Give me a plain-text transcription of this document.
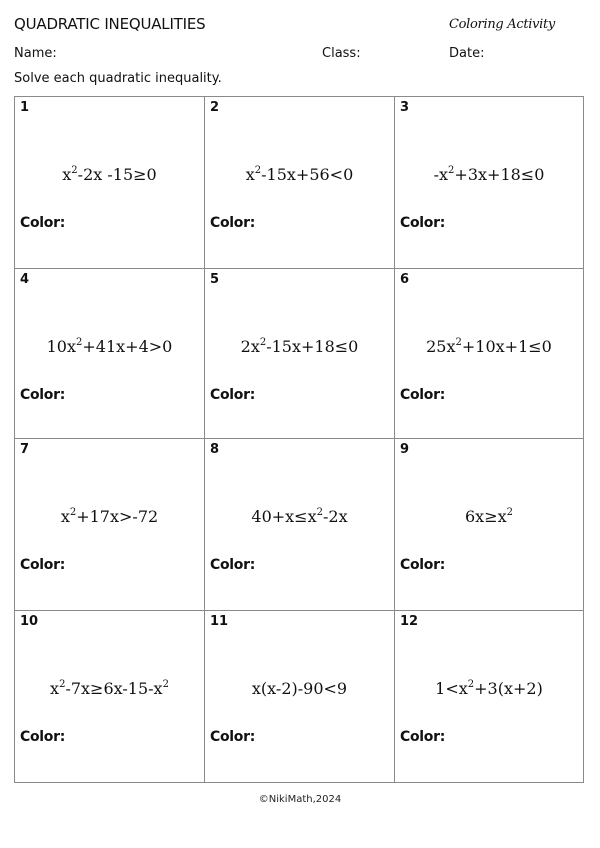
QUADRATIC INEQUALITIES	Coloring Activity
Name:	Class:	Date:
Solve each quadratic inequality.
1
$x^2-2x$ -15≥0
Color:
2
$x^2-15x+56<0$
Color:
3
$-x^2+3x+18\le 0$
Color:
4
$10x^2+41x+4>0$
Color:
5
$2x^2-15x+18\le 0$
Color:
6
$25x^2+10x+1\le 0$
Color:
7
$x^2+17x>-72$
Color:
8
$40+x\le x^2-2x$
Color:
9
$6x\ge x^2$
Color:
10
$x^2-7x\ge 6x-15-x^2$
Color:
11
x(x-2)-90<9
Color:
12
$1<x^2+3(x+2)$
Color:
©NikiMath,2024
